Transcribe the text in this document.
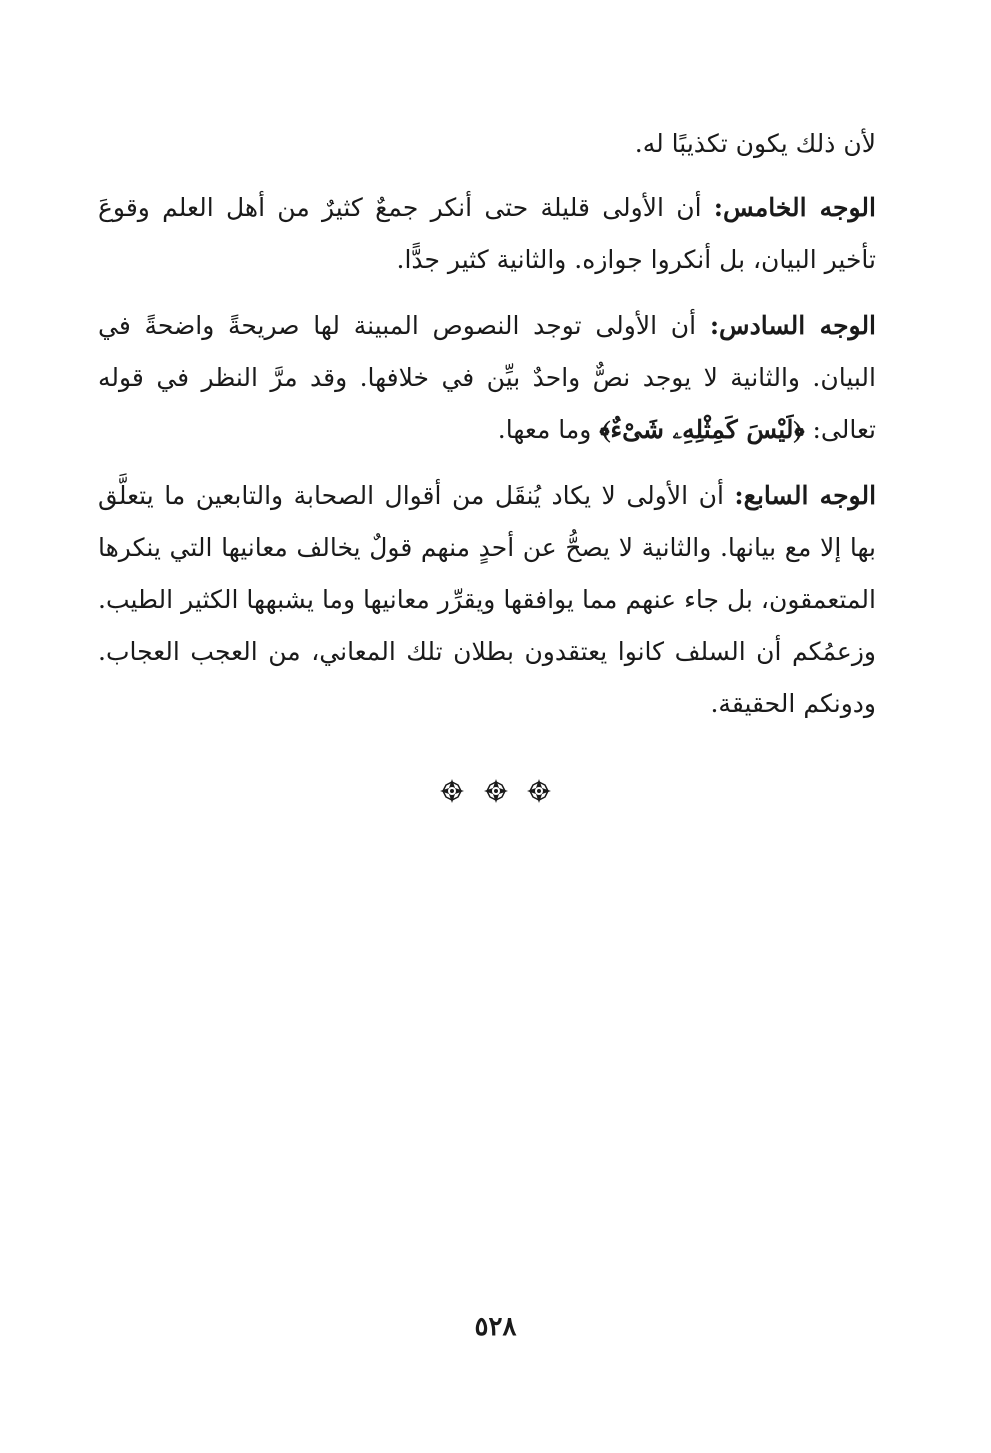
لأن ذلك يكون تكذيبًا له.

الوجه الخامس: أن الأولى قليلة حتى أنكر جمعٌ كثيرٌ من أهل العلم وقوعَ تأخير البيان، بل أنكروا جوازه. والثانية كثير جدًّا.

الوجه السادس: أن الأولى توجد النصوص المبينة لها صريحةً واضحةً في البيان. والثانية لا يوجد نصٌّ واحدٌ بيِّن في خلافها. وقد مرَّ النظر في قوله تعالى: ﴿لَيْسَ كَمِثْلِهِۦ شَىْءٌ﴾ وما معها.

الوجه السابع: أن الأولى لا يكاد يُنقَل من أقوال الصحابة والتابعين ما يتعلَّق بها إلا مع بيانها. والثانية لا يصحُّ عن أحدٍ منهم قولٌ يخالف معانيها التي ينكرها المتعمقون، بل جاء عنهم مما يوافقها ويقرِّر معانيها وما يشبهها الكثير الطيب. وزعمُكم أن السلف كانوا يعتقدون بطلان تلك المعاني، من العجب العجاب. ودونكم الحقيقة.

٥٢٨
